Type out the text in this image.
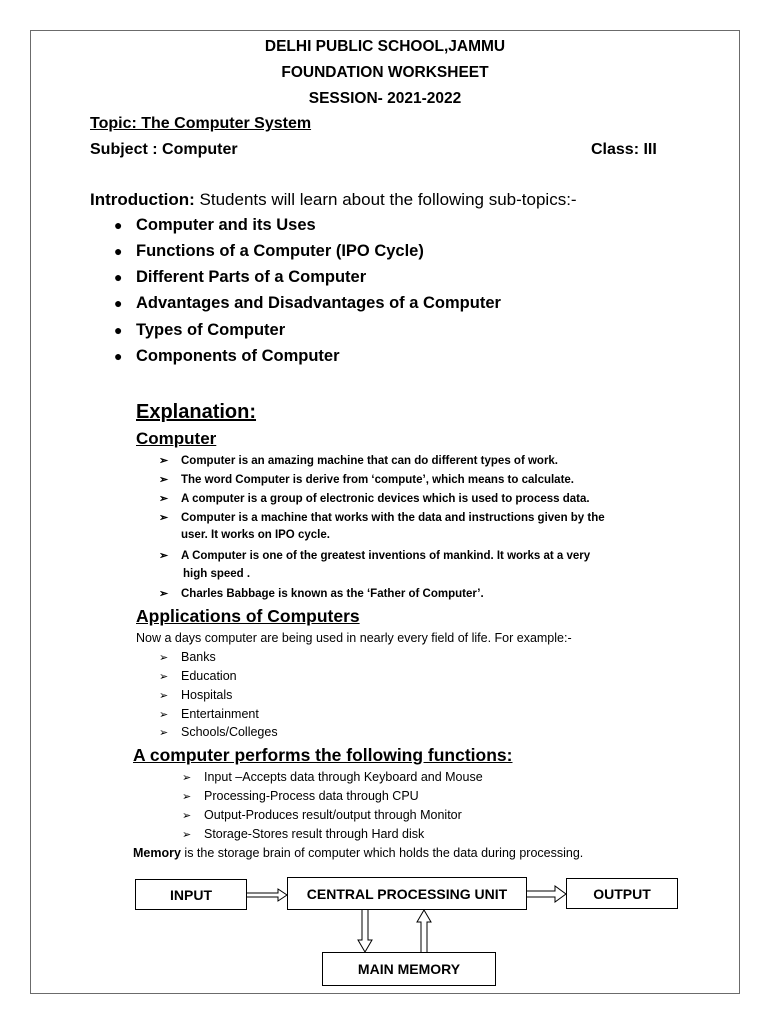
DELHI PUBLIC SCHOOL,JAMMU
FOUNDATION WORKSHEET
SESSION- 2021-2022
Topic: The Computer System
Subject : Computer	Class: III
Introduction: Students will learn about the following sub-topics:-
● Computer and its Uses
● Functions of a Computer (IPO Cycle)
● Different Parts of a Computer
● Advantages and Disadvantages of a Computer
● Types of Computer
● Components of Computer
Explanation:
Computer
➢ Computer is an amazing machine that can do different types of work.
➢ The word Computer is derive from ‘compute’, which means to calculate.
➢ A computer is a group of electronic devices which is used to process data.
➢ Computer is a machine that works with the data and instructions given by the
user. It works on IPO cycle.
➢ A Computer is one of the greatest inventions of mankind. It works at a very
high speed .
➢ Charles Babbage is known as the ‘Father of Computer’.
Applications of Computers
Now a days computer are being used in nearly every field of life. For example:-
➢ Banks
➢ Education
➢ Hospitals
➢ Entertainment
➢ Schools/Colleges
A computer performs the following functions:
➢ Input –Accepts data through Keyboard and Mouse
➢ Processing-Process data through CPU
➢ Output-Produces result/output through Monitor
➢ Storage-Stores result through Hard disk
Memory is the storage brain of computer which holds the data during processing.
INPUT	CENTRAL PROCESSING UNIT	OUTPUT
MAIN MEMORY
